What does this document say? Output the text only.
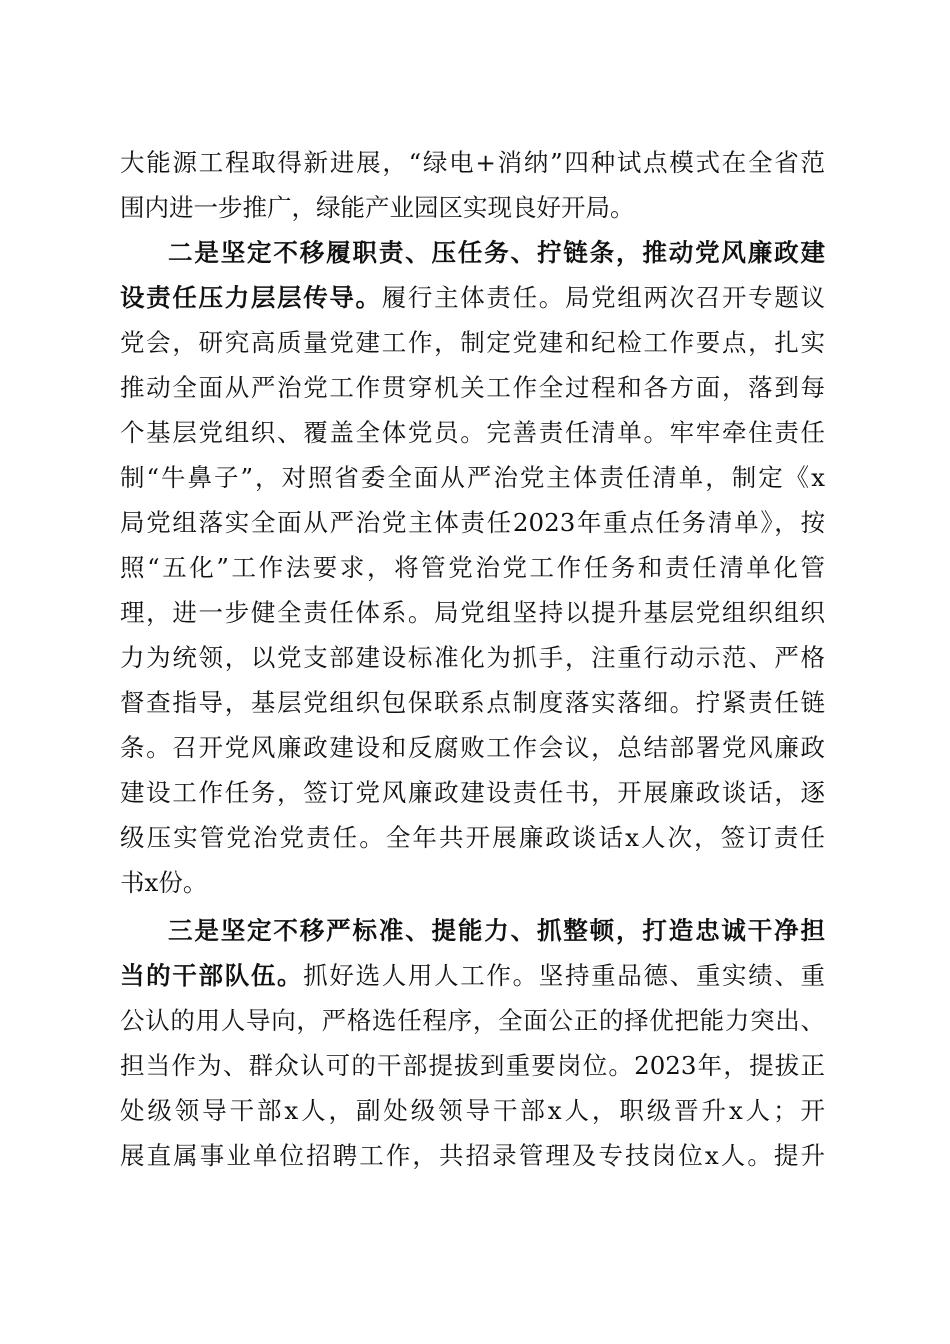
大能源工程取得新进展，“绿电+消纳”四种试点模式在全省范
围内进一步推广，绿能产业园区实现良好开局。
二是坚定不移履职责、压任务、拧链条，推动党风廉政建
设责任压力层层传导。履行主体责任。局党组两次召开专题议
党会，研究高质量党建工作，制定党建和纪检工作要点，扎实
推动全面从严治党工作贯穿机关工作全过程和各方面，落到每
个基层党组织、覆盖全体党员。完善责任清单。牢牢牵住责任
制“牛鼻子”，对照省委全面从严治党主体责任清单，制定《x
局党组落实全面从严治党主体责任2023年重点任务清单》，按
照“五化”工作法要求，将管党治党工作任务和责任清单化管
理，进一步健全责任体系。局党组坚持以提升基层党组织组织
力为统领，以党支部建设标准化为抓手，注重行动示范、严格
督查指导，基层党组织包保联系点制度落实落细。拧紧责任链
条。召开党风廉政建设和反腐败工作会议，总结部署党风廉政
建设工作任务，签订党风廉政建设责任书，开展廉政谈话，逐
级压实管党治党责任。全年共开展廉政谈话x人次，签订责任
书x份。
三是坚定不移严标准、提能力、抓整顿，打造忠诚干净担
当的干部队伍。抓好选人用人工作。坚持重品德、重实绩、重
公认的用人导向，严格选任程序，全面公正的择优把能力突出、
担当作为、群众认可的干部提拔到重要岗位。2023年，提拔正
处级领导干部x人，副处级领导干部x人，职级晋升x人；开
展直属事业单位招聘工作，共招录管理及专技岗位x人。提升
